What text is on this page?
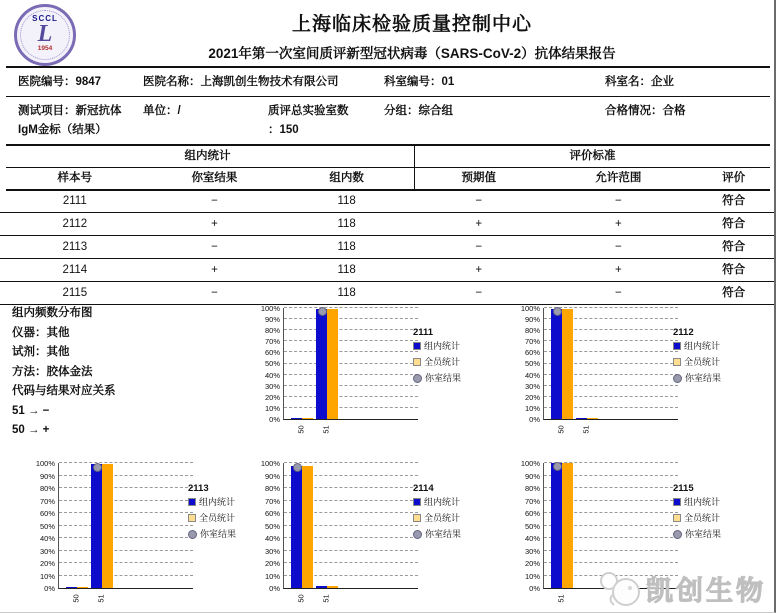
SCCL
L
1954
上海临床检验质量控制中心
2021年第一次室间质评新型冠状病毒（SARS-CoV-2）抗体结果报告
医院编号：9847	医院名称：上海凯创生物技术有限公司	科室编号：01	科室名：企业
测试项目：新冠抗体
IgM金标（结果）
单位：/	质评总实验室数
：150
分组：综合组	合格情况：合格
组内统计	评价标准
样本号	你室结果	组内数	预期值	允许范围	评价
2111	−	118	−	−	符合
2112	+	118	+	+	符合
2113	−	118	−	−	符合
2114	+	118	+	+	符合
2115	−	118	−	−	符合
组内频数分布图
仪器：其他
试剂：其他
方法：胶体金法
代码与结果对应关系
51 → −
50 → +
100%
90%
80%
70%
60%
50%
40%
30%
20%
10%
0%
50 51
2111
组内统计
全员统计
你室结果
100%
90%
80%
70%
60%
50%
40%
30%
20%
10%
0%
50 51
2112
组内统计
全员统计
你室结果
100%
90%
80%
70%
60%
50%
40%
30%
20%
10%
0%
50 51
2113
组内统计
全员统计
你室结果
100%
90%
80%
70%
60%
50%
40%
30%
20%
10%
0%
50 51
2114
组内统计
全员统计
你室结果
100%
90%
80%
70%
60%
50%
40%
30%
20%
10%
0%
51
2115
组内统计
全员统计
你室结果
凯创生物
